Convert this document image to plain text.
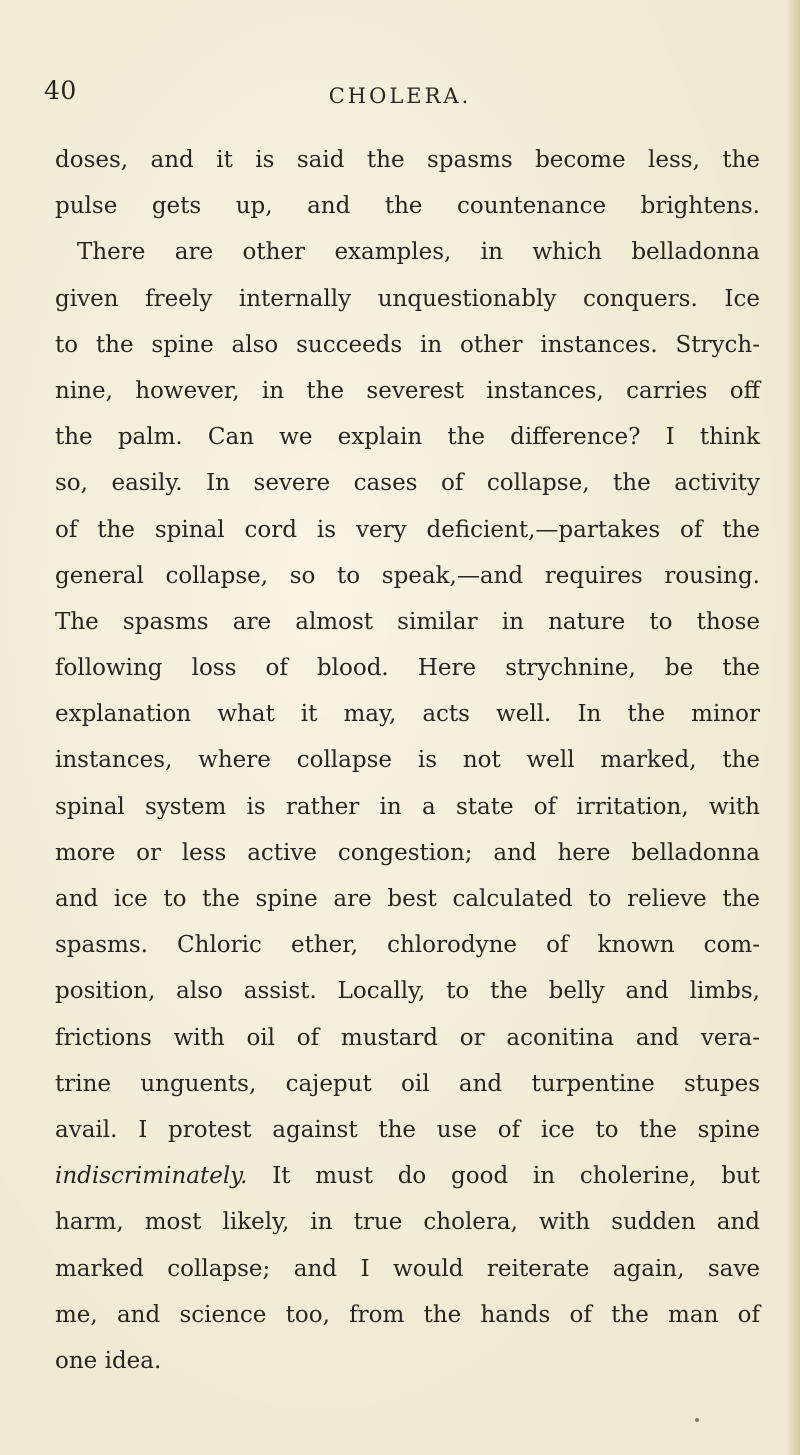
40	CHOLERA.
doses, and it is said the spasms become less, the
pulse gets up, and the countenance brightens.
There are other examples, in which belladonna
given freely internally unquestionably conquers. Ice
to the spine also succeeds in other instances. Strych-
nine, however, in the severest instances, carries off
the palm. Can we explain the difference? I think
so, easily. In severe cases of collapse, the activity
of the spinal cord is very deficient,—partakes of the
general collapse, so to speak,—and requires rousing.
The spasms are almost similar in nature to those
following loss of blood. Here strychnine, be the
explanation what it may, acts well. In the minor
instances, where collapse is not well marked, the
spinal system is rather in a state of irritation, with
more or less active congestion; and here belladonna
and ice to the spine are best calculated to relieve the
spasms. Chloric ether, chlorodyne of known com-
position, also assist. Locally, to the belly and limbs,
frictions with oil of mustard or aconitina and vera-
trine unguents, cajeput oil and turpentine stupes
avail. I protest against the use of ice to the spine
indiscriminately. It must do good in cholerine, but
harm, most likely, in true cholera, with sudden and
marked collapse; and I would reiterate again, save
me, and science too, from the hands of the man of
one idea.
